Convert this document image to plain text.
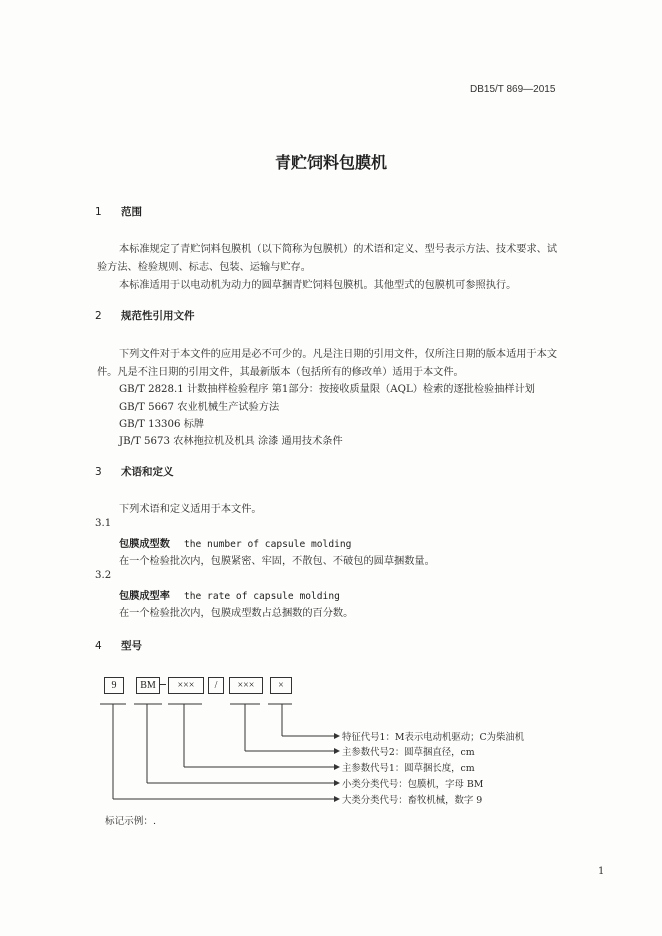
DB15/T 869—2015
青贮饲料包膜机
1 范围
本标准规定了青贮饲料包膜机（以下简称为包膜机）的术语和定义、型号表示方法、技术要求、试
验方法、检验规则、标志、包装、运输与贮存。
本标准适用于以电动机为动力的圆草捆青贮饲料包膜机。其他型式的包膜机可参照执行。
2 规范性引用文件
下列文件对于本文件的应用是必不可少的。凡是注日期的引用文件，仅所注日期的版本适用于本文
件。凡是不注日期的引用文件，其最新版本（包括所有的修改单）适用于本文件。
GB/T 2828.1 计数抽样检验程序 第1部分：按接收质量限（AQL）检索的逐批检验抽样计划
GB/T 5667 农业机械生产试验方法
GB/T 13306 标牌
JB/T 5673 农林拖拉机及机具 涂漆 通用技术条件
3 术语和定义
下列术语和定义适用于本文件。
3.1
包膜成型数 the number of capsule molding
在一个检验批次内，包膜紧密、牢固，不散包、不破包的圆草捆数量。
3.2
包膜成型率 the rate of capsule molding
在一个检验批次内，包膜成型数占总捆数的百分数。
4 型号
9	BM	×××	/	×××	×
特征代号1：M表示电动机驱动；C为柴油机
主参数代号2：圆草捆直径，cm
主参数代号1：圆草捆长度，cm
小类分类代号：包膜机，字母 BM
大类分类代号：畜牧机械，数字 9
标记示例：.
1
